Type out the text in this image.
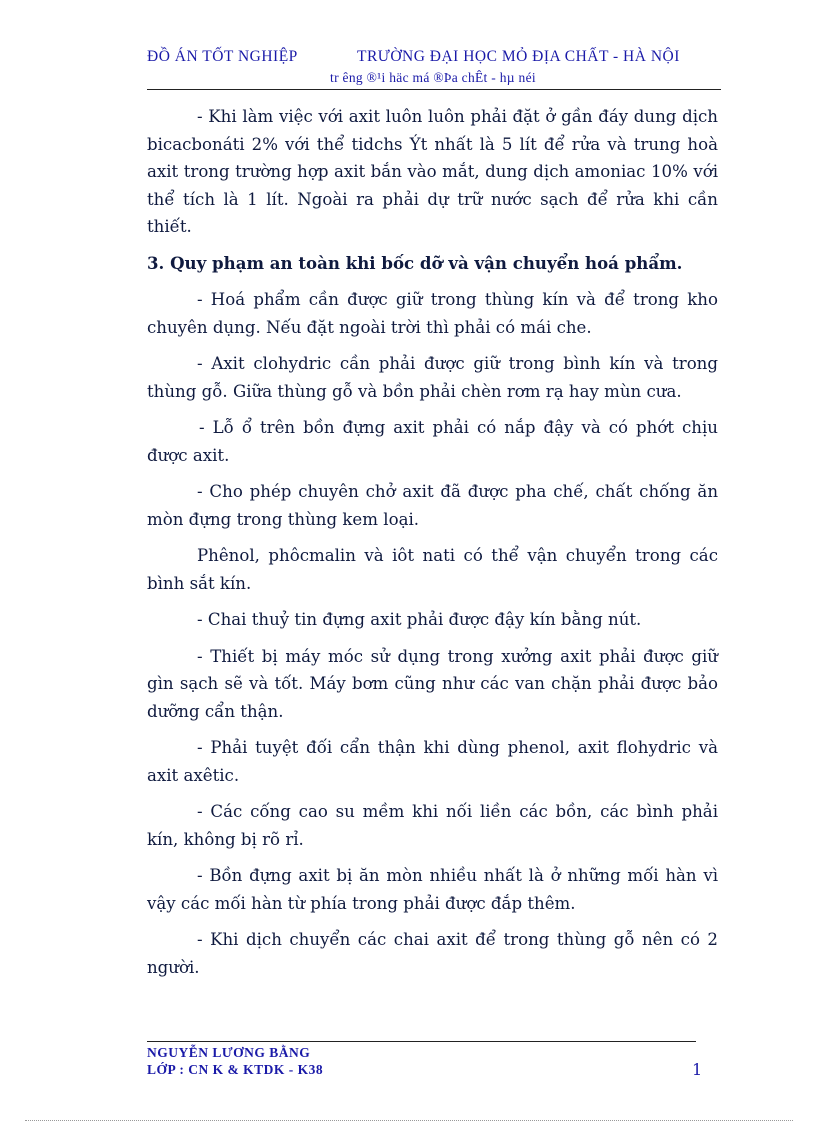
ĐỒ ÁN TỐT NGHIỆP	TRƯỜNG ĐẠI HỌC MỎ ĐỊA CHẤT - HÀ NỘI
tr êng ®¹i häc má ®Þa chÊt - hµ néi

- Khi làm việc với axit luôn luôn phải đặt ở gần đáy dung dịch bicacbonáti 2% với thể tidchs Ýt nhất là 5 lít để rửa và trung hoà axit trong trường hợp axit bắn vào mắt, dung dịch amoniac 10% với thể tích là 1 lít. Ngoài ra phải dự trữ nước sạch để rửa khi cần thiết.

3. Quy phạm an toàn khi bốc dỡ và vận chuyển hoá phẩm.

- Hoá phẩm cần được giữ trong thùng kín và để trong kho chuyên dụng. Nếu đặt ngoài trời thì phải có mái che.

- Axit clohydric cần phải được giữ trong bình kín và trong thùng gỗ. Giữa thùng gỗ và bồn phải chèn rơm rạ hay mùn cưa.

- Lỗ ổ trên bồn đựng axit phải có nắp đậy và có phớt chịu được axit.

- Cho phép chuyên chở axit đã được pha chế, chất chống ăn mòn đựng trong thùng kem loại.

Phênol, phôcmalin và iôt nati có thể vận chuyển trong các bình sắt kín.

- Chai thuỷ tin đựng axit phải được đậy kín bằng nút.

- Thiết bị máy móc sử dụng trong xưởng axit phải được giữ gìn sạch sẽ và tốt. Máy bơm cũng như các van chặn phải được bảo dưỡng cẩn thận.

- Phải tuyệt đối cẩn thận khi dùng phenol, axit flohydric và axit axêtic.

- Các cống cao su mềm khi nối liền các bồn, các bình phải kín, không bị rõ rỉ.

- Bồn đựng axit bị ăn mòn nhiều nhất là ở những mối hàn vì vậy các mối hàn từ phía trong phải được đắp thêm.

- Khi dịch chuyển các chai axit để trong thùng gỗ nên có 2 người.

NGUYỄN LƯƠNG BẰNG
LỚP : CN K & KTDK - K38	1
